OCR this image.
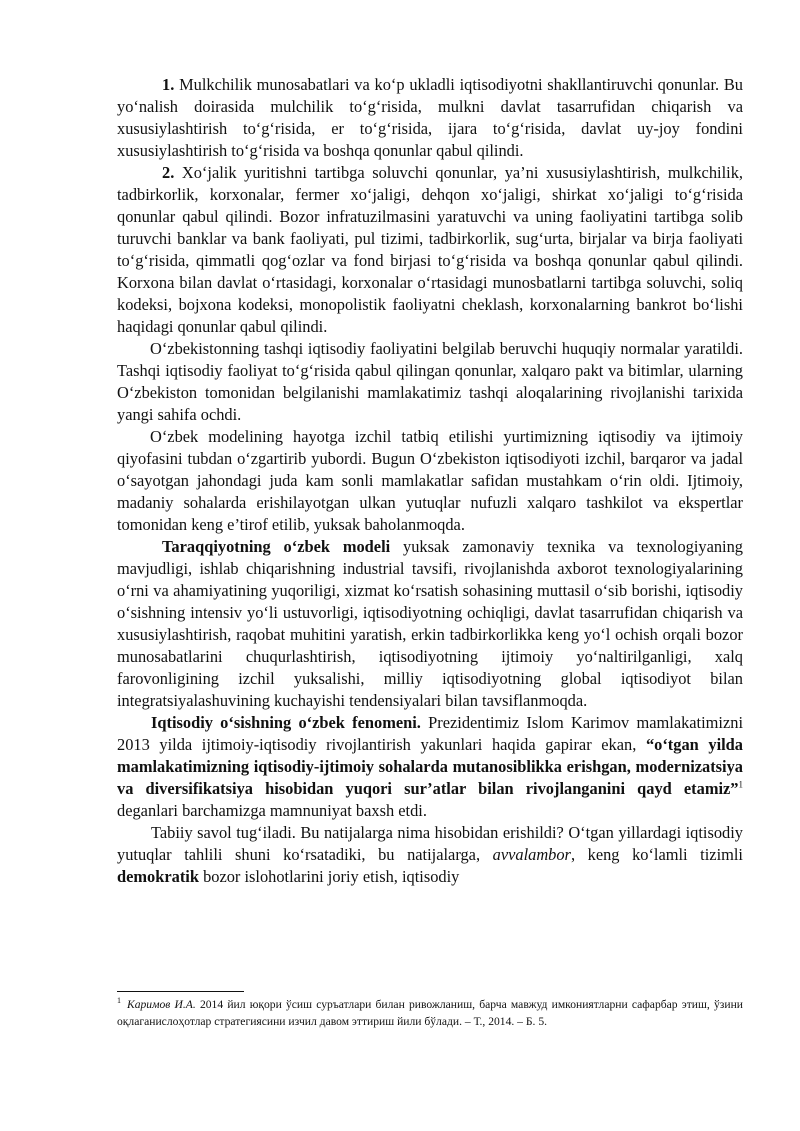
1. Mulkchilik munosabatlari va ko‘p ukladli iqtisodiyotni shakllantiruvchi qonunlar. Bu yo‘nalish doirasida mulchilik to‘g‘risida, mulkni davlat tasarrufidan chiqarish va xususiylashtirish to‘g‘risida, er to‘g‘risida, ijara to‘g‘risida, davlat uy-joy fondini xususiylashtirish to‘g‘risida va boshqa qonunlar qabul qilindi.

2. Xo‘jalik yuritishni tartibga soluvchi qonunlar, ya’ni xususiylashtirish, mulkchilik, tadbirkorlik, korxonalar, fermer xo‘jaligi, dehqon xo‘jaligi, shirkat xo‘jaligi to‘g‘risida qonunlar qabul qilindi. Bozor infratuzilmasini yaratuvchi va uning faoliyatini tartibga solib turuvchi banklar va bank faoliyati, pul tizimi, tadbirkorlik, sug‘urta, birjalar va birja faoliyati to‘g‘risida, qimmatli qog‘ozlar va fond birjasi to‘g‘risida va boshqa qonunlar qabul qilindi. Korxona bilan davlat o‘rtasidagi, korxonalar o‘rtasidagi munosbatlarni tartibga soluvchi, soliq kodeksi, bojxona kodeksi, monopolistik faoliyatni cheklash, korxonalarning bankrot bo‘lishi haqidagi qonunlar qabul qilindi.

O‘zbekistonning tashqi iqtisodiy faoliyatini belgilab beruvchi huquqiy normalar yaratildi. Tashqi iqtisodiy faoliyat to‘g‘risida qabul qilingan qonunlar, xalqaro pakt va bitimlar, ularning O‘zbekiston tomonidan belgilanishi mamlakatimiz tashqi aloqalarining rivojlanishi tarixida yangi sahifa ochdi.

O‘zbek modelining hayotga izchil tatbiq etilishi yurtimizning iqtisodiy va ijtimoiy qiyofasini tubdan o‘zgartirib yubordi. Bugun O‘zbekiston iqtisodiyoti izchil, barqaror va jadal o‘sayotgan jahondagi juda kam sonli mamlakatlar safidan mustahkam o‘rin oldi. Ijtimoiy, madaniy sohalarda erishilayotgan ulkan yutuqlar nufuzli xalqaro tashkilot va ekspertlar tomonidan keng e’tirof etilib, yuksak baholanmoqda.

Taraqqiyotning o‘zbek modeli yuksak zamonaviy texnika va texnologiyaning mavjudligi, ishlab chiqarishning industrial tavsifi, rivojlanishda axborot texnologiyalarining o‘rni va ahamiyatining yuqoriligi, xizmat ko‘rsatish sohasining muttasil o‘sib borishi, iqtisodiy o‘sishning intensiv yo‘li ustuvorligi, iqtisodiyotning ochiqligi, davlat tasarrufidan chiqarish va xususiylashtirish, raqobat muhitini yaratish, erkin tadbirkorlikka keng yo‘l ochish orqali bozor munosabatlarini chuqurlashtirish, iqtisodiyotning ijtimoiy yo‘naltirilganligi, xalq farovonligining izchil yuksalishi, milliy iqtisodiyotning global iqtisodiyot bilan integratsiyalashuvining kuchayishi tendensiyalari bilan tavsiflanmoqda.

Iqtisodiy o‘sishning o‘zbek fenomeni. Prezidentimiz Islom Karimov mamlakatimizni 2013 yilda ijtimoiy-iqtisodiy rivojlantirish yakunlari haqida gapirar ekan, “o‘tgan yilda mamlakatimizning iqtisodiy-ijtimoiy sohalarda mutanosiblikka erishgan, modernizatsiya va diversifikatsiya hisobidan yuqori sur’atlar bilan rivojlanganini qayd etamiz”$^1$ deganlari barchamizga mamnuniyat baxsh etdi.

Tabiiy savol tug‘iladi. Bu natijalarga nima hisobidan erishildi? O‘tgan yillardagi iqtisodiy yutuqlar tahlili shuni ko‘rsatadiki, bu natijalarga, avvalambor, keng ko‘lamli tizimli demokratik bozor islohotlarini joriy etish, iqtisodiy

$^1$ Каримов И.А. 2014 йил юқори ўсиш суръатлари билан ривожланиш, барча мавжуд имкониятларни сафарбар этиш, ўзини оқлаганислоҳотлар стратегиясини изчил давом эттириш йили бўлади. – Т., 2014. – Б. 5.
